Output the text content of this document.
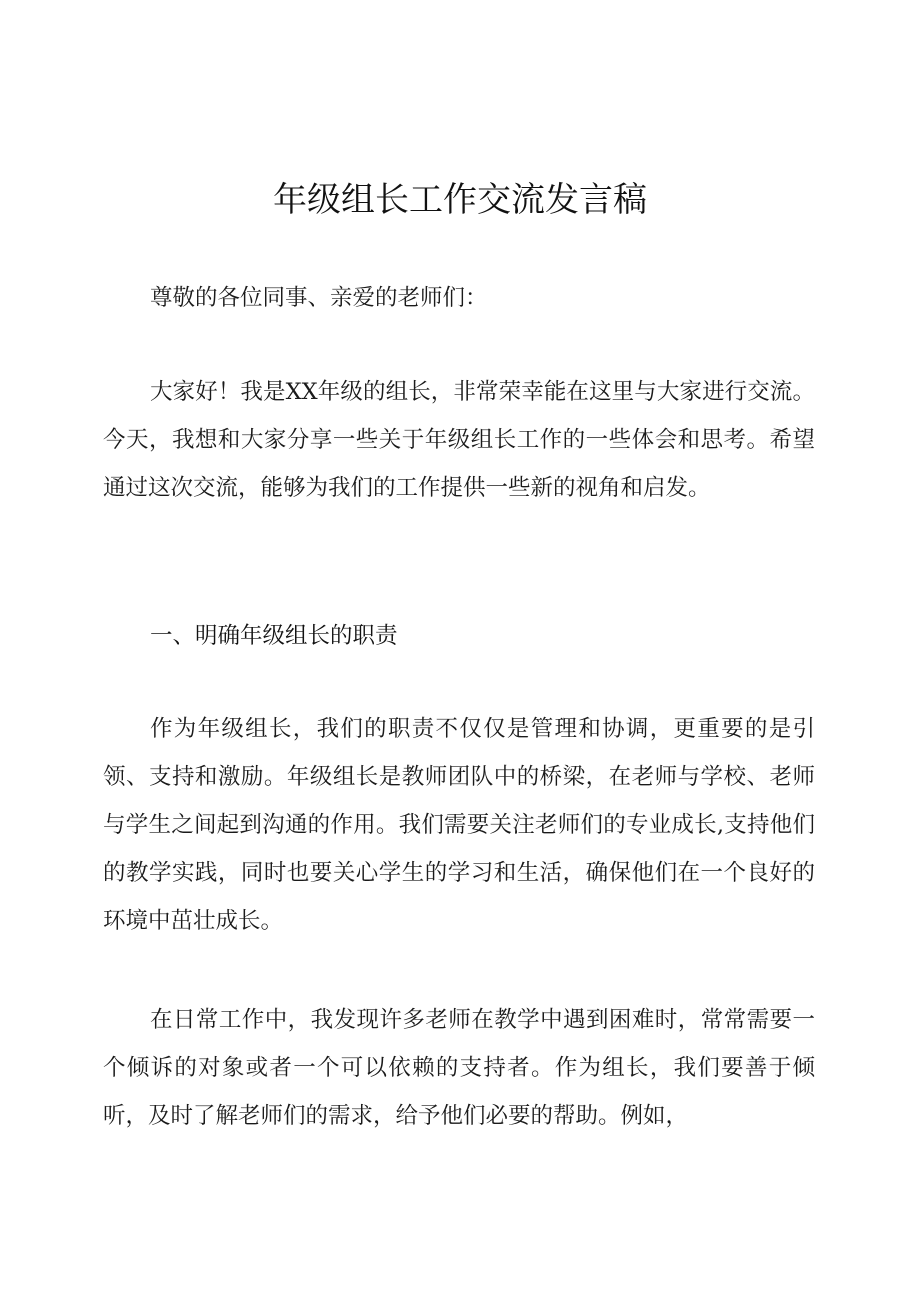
年级组长工作交流发言稿

尊敬的各位同事、亲爱的老师们：

大家好！我是XX年级的组长，非常荣幸能在这里与大家进行交流。今天，我想和大家分享一些关于年级组长工作的一些体会和思考。希望通过这次交流，能够为我们的工作提供一些新的视角和启发。

一、明确年级组长的职责

作为年级组长，我们的职责不仅仅是管理和协调，更重要的是引领、支持和激励。年级组长是教师团队中的桥梁，在老师与学校、老师与学生之间起到沟通的作用。我们需要关注老师们的专业成长,支持他们的教学实践，同时也要关心学生的学习和生活，确保他们在一个良好的环境中茁壮成长。

在日常工作中，我发现许多老师在教学中遇到困难时，常常需要一个倾诉的对象或者一个可以依赖的支持者。作为组长，我们要善于倾听，及时了解老师们的需求，给予他们必要的帮助。例如，
